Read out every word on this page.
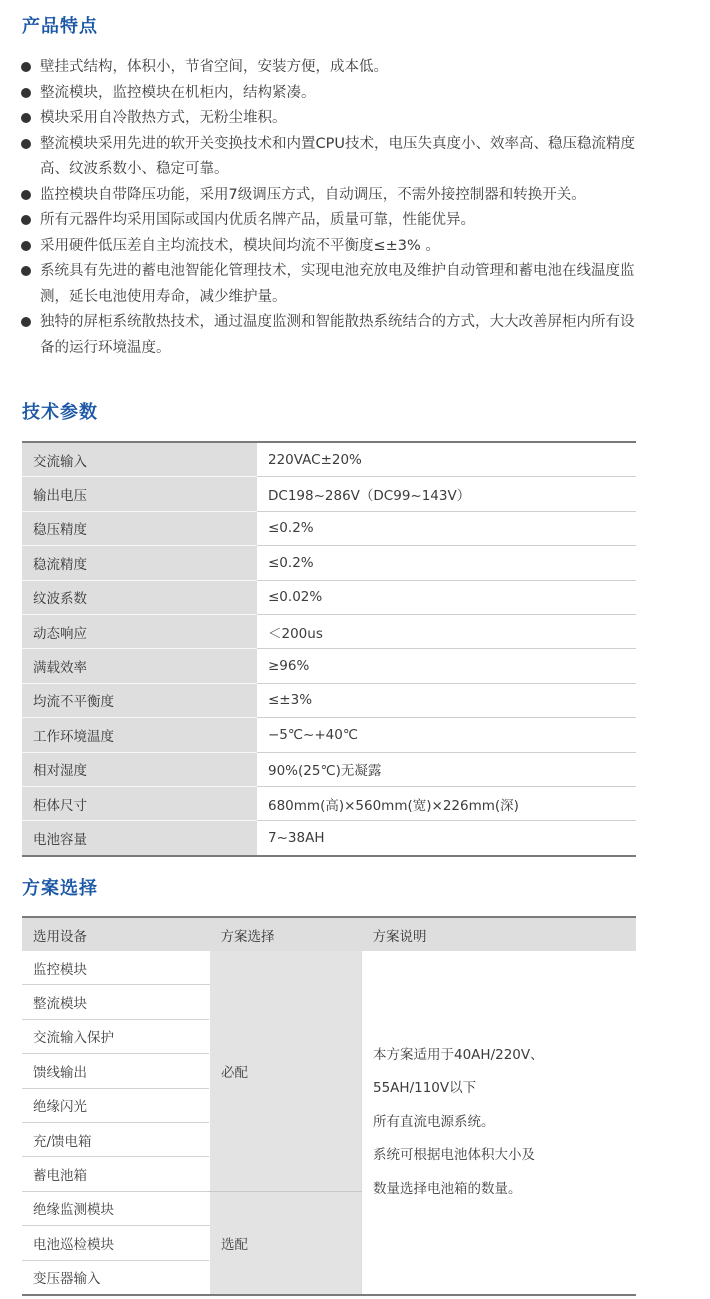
产品特点
壁挂式结构，体积小，节省空间，安装方便，成本低。
整流模块，监控模块在机柜内，结构紧凑。
模块采用自冷散热方式，无粉尘堆积。
整流模块采用先进的软开关变换技术和内置CPU技术，电压失真度小、效率高、稳压稳流精度高、纹波系数小、稳定可靠。
监控模块自带降压功能，采用7级调压方式，自动调压，不需外接控制器和转换开关。
所有元器件均采用国际或国内优质名牌产品，质量可靠，性能优异。
采用硬件低压差自主均流技术，模块间均流不平衡度≤±3% 。
系统具有先进的蓄电池智能化管理技术，实现电池充放电及维护自动管理和蓄电池在线温度监测，延长电池使用寿命，减少维护量。
独特的屏柜系统散热技术，通过温度监测和智能散热系统结合的方式，大大改善屏柜内所有设备的运行环境温度。
技术参数
交流输入	220VAC±20%
输出电压	DC198~286V（DC99~143V）
稳压精度	≤0.2%
稳流精度	≤0.2%
纹波系数	≤0.02%
动态响应	＜200us
满载效率	≥96%
均流不平衡度	≤±3%
工作环境温度	−5℃~+40℃
相对湿度	90%(25℃)无凝露
柜体尺寸	680mm(高)×560mm(宽)×226mm(深)
电池容量	7~38AH
方案选择
选用设备	方案选择	方案说明
监控模块	必配	本方案适用于40AH/220V、
55AH/110V以下
所有直流电源系统。
系统可根据电池体积大小及
数量选择电池箱的数量。

整流模块		
交流输入保护		
馈线输出		
绝缘闪光		
充/馈电箱		
蓄电池箱		
绝缘监测模块	选配	
电池巡检模块		
变压器输入		
